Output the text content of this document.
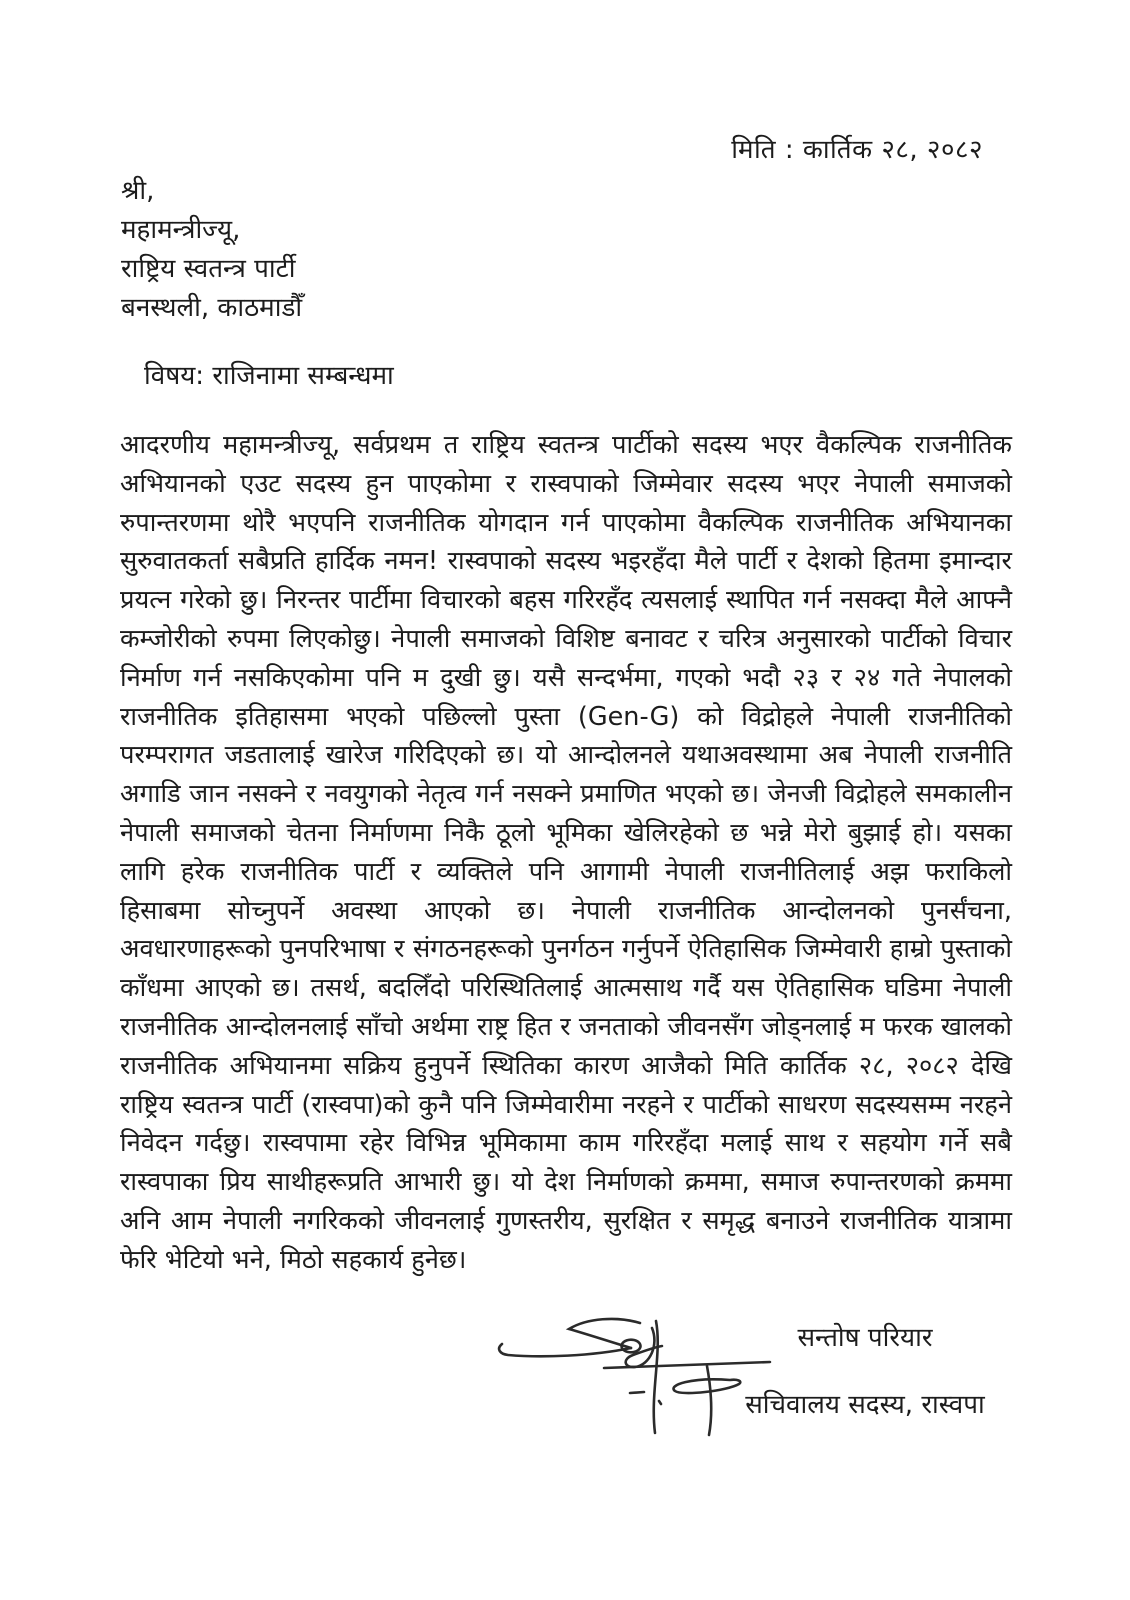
मिति : कार्तिक २८, २०८२
श्री,
महामन्त्रीज्यू,
राष्ट्रिय स्वतन्त्र पार्टी
बनस्थली, काठमाडौँ
विषय: राजिनामा सम्बन्धमा
आदरणीय महामन्त्रीज्यू, सर्वप्रथम त राष्ट्रिय स्वतन्त्र पार्टीको सदस्य भएर वैकल्पिक राजनीतिक अभियानको एउट सदस्य हुन पाएकोमा र रास्वपाको जिम्मेवार सदस्य भएर नेपाली समाजको रुपान्तरणमा थोरै भएपनि राजनीतिक योगदान गर्न पाएकोमा वैकल्पिक राजनीतिक अभियानका सुरुवातकर्ता सबैप्रति हार्दिक नमन! रास्वपाको सदस्य भइरहँदा मैले पार्टी र देशको हितमा इमान्दार प्रयत्न गरेको छु। निरन्तर पार्टीमा विचारको बहस गरिरहँद त्यसलाई स्थापित गर्न नसक्दा मैले आफ्नै कम्जोरीको रुपमा लिएकोछु। नेपाली समाजको विशिष्ट बनावट र चरित्र अनुसारको पार्टीको विचार निर्माण गर्न नसकिएकोमा पनि म दुखी छु। यसै सन्दर्भमा, गएको भदौ २३ र २४ गते नेपालको राजनीतिक इतिहासमा भएको पछिल्लो पुस्ता (Gen-G) को विद्रोहले नेपाली राजनीतिको परम्परागत जडतालाई खारेज गरिदिएको छ। यो आन्दोलनले यथाअवस्थामा अब नेपाली राजनीति अगाडि जान नसक्ने र नवयुगको नेतृत्व गर्न नसक्ने प्रमाणित भएको छ। जेनजी विद्रोहले समकालीन नेपाली समाजको चेतना निर्माणमा निकै ठूलो भूमिका खेलिरहेको छ भन्ने मेरो बुझाई हो। यसका लागि हरेक राजनीतिक पार्टी र व्यक्तिले पनि आगामी नेपाली राजनीतिलाई अझ फराकिलो हिसाबमा सोच्नुपर्ने अवस्था आएको छ। नेपाली राजनीतिक आन्दोलनको पुनर्संचना, अवधारणाहरूको पुनपरिभाषा र संगठनहरूको पुनर्गठन गर्नुपर्ने ऐतिहासिक जिम्मेवारी हाम्रो पुस्ताको काँधमा आएको छ। तसर्थ, बदलिँदो परिस्थितिलाई आत्मसाथ गर्दै यस ऐतिहासिक घडिमा नेपाली राजनीतिक आन्दोलनलाई साँचो अर्थमा राष्ट्र हित र जनताको जीवनसँग जोड्नलाई म फरक खालको राजनीतिक अभियानमा सक्रिय हुनुपर्ने स्थितिका कारण आजैको मिति कार्तिक २८, २०८२ देखि राष्ट्रिय स्वतन्त्र पार्टी (रास्वपा)को कुनै पनि जिम्मेवारीमा नरहने र पार्टीको साधरण सदस्यसम्म नरहने निवेदन गर्दछु। रास्वपामा रहेर विभिन्न भूमिकामा काम गरिरहँदा मलाई साथ र सहयोग गर्ने सबै रास्वपाका प्रिय साथीहरूप्रति आभारी छु। यो देश निर्माणको क्रममा, समाज रुपान्तरणको क्रममा अनि आम नेपाली नगरिकको जीवनलाई गुणस्तरीय, सुरक्षित र समृद्ध बनाउने राजनीतिक यात्रामा फेरि भेटियो भने, मिठो सहकार्य हुनेछ।
सन्तोष परियार
सचिवालय सदस्य, रास्वपा
